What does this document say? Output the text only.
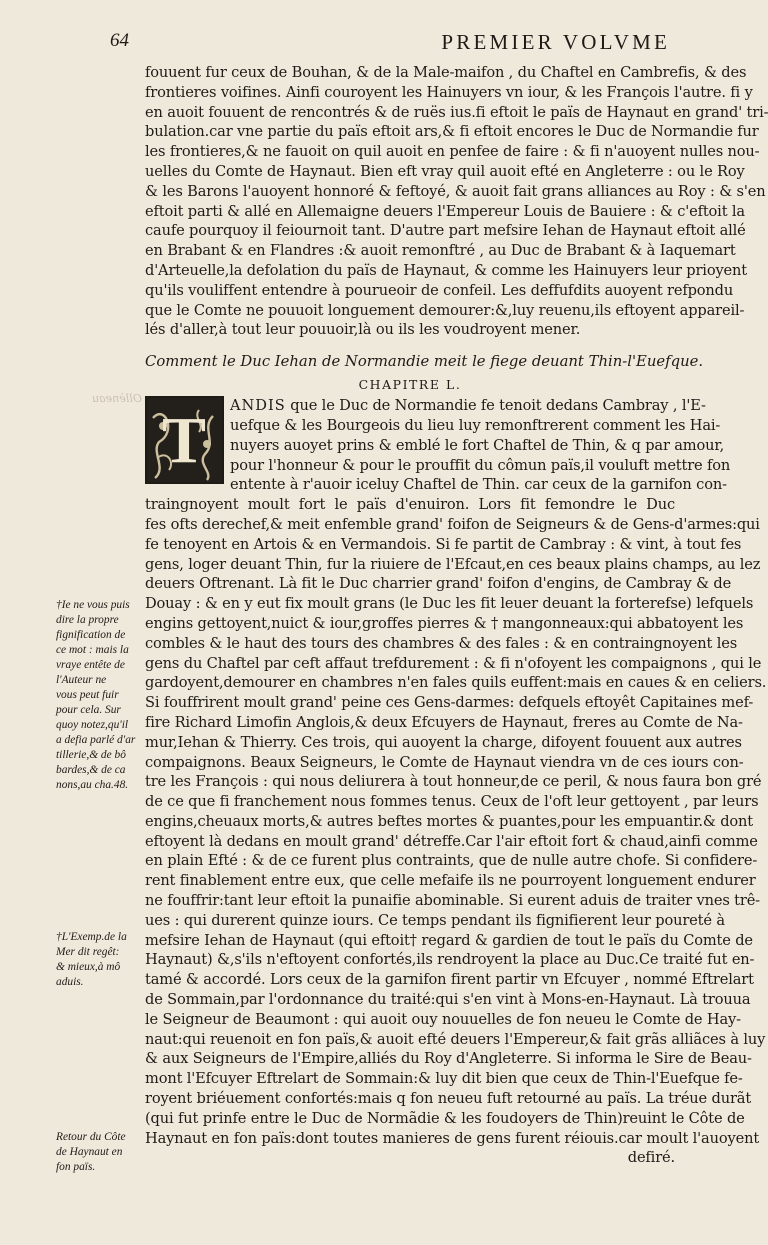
64	PREMIER VOLVME
Ollèneau
fouuent fur ceux de Bouhan, & de la Male-maifon , du Chaftel en Cambrefis, & des
frontieres voifines. Ainfi couroyent les Hainuyers vn iour, & les François l'autre. fi y
en auoit fouuent de rencontrés & de ruës ius.fi eftoit le païs de Haynaut en grand' tri-
bulation.car vne partie du païs eftoit ars,& fi eftoit encores le Duc de Normandie fur
les frontieres,& ne fauoit on quil auoit en penfee de faire : & fi n'auoyent nulles nou-
uelles du Comte de Haynaut. Bien eft vray quil auoit efté en Angleterre : ou le Roy
& les Barons l'auoyent honnoré & feftoyé, & auoit fait grans alliances au Roy : & s'en
eftoit parti & allé en Allemaigne deuers l'Empereur Louis de Bauiere : & c'eftoit la
caufe pourquoy il feiournoit tant. D'autre part mefsire Iehan de Haynaut eftoit allé
en Brabant & en Flandres :& auoit remonftré , au Duc de Brabant & à Iaquemart
d'Arteuelle,la defolation du païs de Haynaut, & comme les Hainuyers leur prioyent
qu'ils vouliffent entendre à pourueoir de confeil. Les deffufdits auoyent refpondu
que le Comte ne pouuoit longuement demourer:&,luy reuenu,ils eftoyent appareil-
lés d'aller,à tout leur pouuoir,là ou ils les voudroyent mener.
Comment le Duc Iehan de Normandie meit le fiege deuant Thin-l'Euefque.
CHAPITRE L.
T	ANDIS que le Duc de Normandie fe tenoit dedans Cambray , l'E-
uefque & les Bourgeois du lieu luy remonftrerent comment les Hai-
nuyers auoyet prins & emblé le fort Chaftel de Thin, & q par amour,
pour l'honneur & pour le prouffit du cômun païs,il vouluft mettre fon
entente à r'auoir iceluy Chaftel de Thin. car ceux de la garnifon con-
traingnoyent moult fort le païs d'enuiron. Lors fit femondre le Duc
fes ofts derechef,& meit enfemble grand' foifon de Seigneurs & de Gens-d'armes:qui
fe tenoyent en Artois & en Vermandois. Si fe partit de Cambray : & vint, à tout fes
gens, loger deuant Thin, fur la riuiere de l'Efcaut,en ces beaux plains champs, au lez
deuers Oftrenant. Là fit le Duc charrier grand' foifon d'engins, de Cambray & de
Douay : & en y eut fix moult grans (le Duc les fit leuer deuant la forterefse) lefquels
engins gettoyent,nuict & iour,groffes pierres & † mangonneaux:qui abbatoyent les
combles & le haut des tours des chambres & des fales : & en contraingnoyent les
gens du Chaftel par ceft affaut trefdurement : & fi n'ofoyent les compaignons , qui le
gardoyent,demourer en chambres n'en fales quils euffent:mais en caues & en celiers.
Si fouffrirent moult grand' peine ces Gens-darmes: defquels eftoyêt Capitaines mef-
fire Richard Limofin Anglois,& deux Efcuyers de Haynaut, freres au Comte de Na-
mur,Iehan & Thierry. Ces trois, qui auoyent la charge, difoyent fouuent aux autres
compaignons. Beaux Seigneurs, le Comte de Haynaut viendra vn de ces iours con-
tre les François : qui nous deliurera à tout honneur,de ce peril, & nous faura bon gré
de ce que fi franchement nous fommes tenus. Ceux de l'oft leur gettoyent , par leurs
engins,cheuaux morts,& autres beftes mortes & puantes,pour les empuantir.& dont
eftoyent là dedans en moult grand' détreffe.Car l'air eftoit fort & chaud,ainfi comme
en plain Efté : & de ce furent plus contraints, que de nulle autre chofe. Si confidere-
rent finablement entre eux, que celle mefaife ils ne pourroyent longuement endurer
ne fouffrir:tant leur eftoit la punaifie abominable. Si eurent aduis de traiter vnes trê-
ues : qui durerent quinze iours. Ce temps pendant ils fignifierent leur poureté à
mefsire Iehan de Haynaut (qui eftoit† regard & gardien de tout le païs du Comte de
Haynaut) &,s'ils n'eftoyent confortés,ils rendroyent la place au Duc.Ce traité fut en-
tamé & accordé. Lors ceux de la garnifon firent partir vn Efcuyer , nommé Eftrelart
de Sommain,par l'ordonnance du traité:qui s'en vint à Mons-en-Haynaut. Là trouua
le Seigneur de Beaumont : qui auoit ouy nouuelles de fon neueu le Comte de Hay-
naut:qui reuenoit en fon païs,& auoit efté deuers l'Empereur,& fait grãs alliãces à luy
& aux Seigneurs de l'Empire,alliés du Roy d'Angleterre. Si informa le Sire de Beau-
mont l'Efcuyer Eftrelart de Sommain:& luy dit bien que ceux de Thin-l'Euefque fe-
royent briéuement confortés:mais q fon neueu fuft retourné au païs. La tréue durãt
(qui fut prinfe entre le Duc de Normãdie & les foudoyers de Thin)reuint le Côte de
Haynaut en fon païs:dont toutes manieres de gens furent réiouis.car moult l'auoyent
defiré.
†Ie ne vous puis
dire la propre
fignification de
ce mot : mais la
vraye entête de
l'Auteur ne
vous peut fuir
pour cela. Sur
quoy notez,qu'il
a defia parlé d'ar
tillerie,& de bô
bardes,& de ca
nons,au cha.48.
†L'Exemp.de la
Mer dit regêt:
& mieux,à mô
aduis.
Retour du Côte
de Haynaut en
fon païs.
